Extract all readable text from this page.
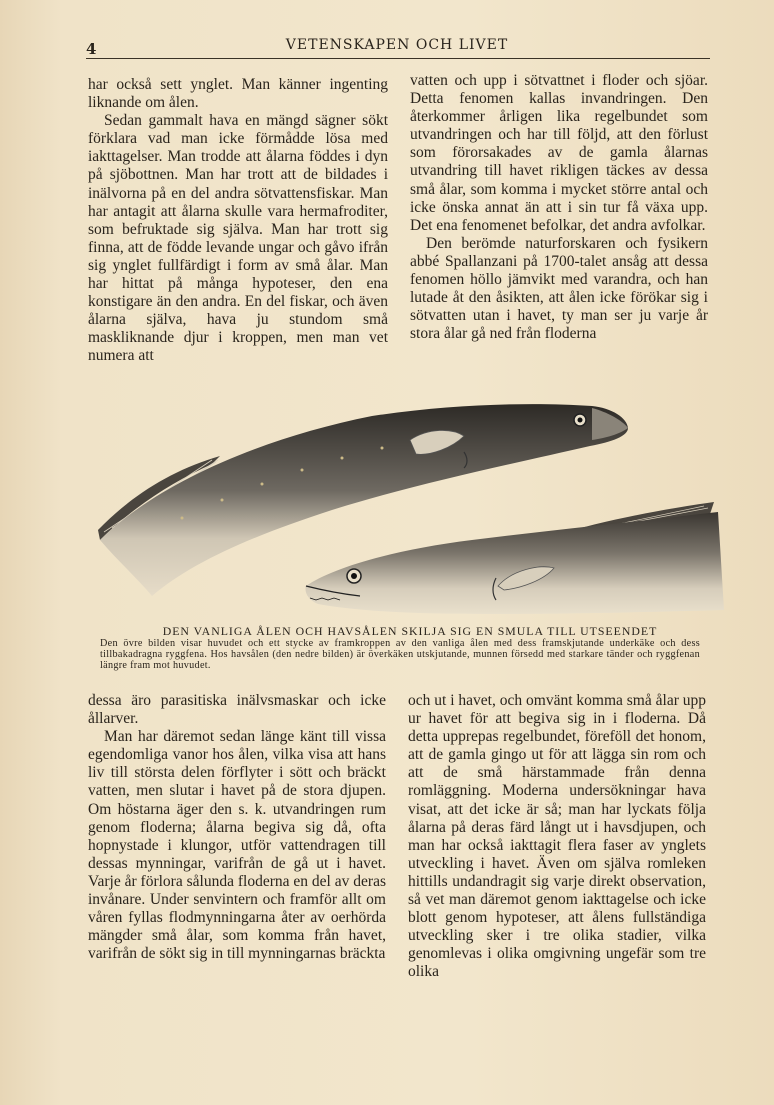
4	VETENSKAPEN OCH LIVET

har också sett ynglet. Man känner ingenting liknande om ålen.

Sedan gammalt hava en mängd sägner sökt förklara vad man icke förmådde lösa med iakttagelser. Man trodde att ålarna föddes i dyn på sjöbottnen. Man har trott att de bildades i inälvorna på en del andra sötvattensfiskar. Man har antagit att ålarna skulle vara hermafroditer, som befruktade sig själva. Man har trott sig finna, att de födde levande ungar och gåvo ifrån sig ynglet fullfärdigt i form av små ålar. Man har hittat på många hypoteser, den ena konstigare än den andra. En del fiskar, och även ålarna själva, hava ju stundom små maskliknande djur i kroppen, men man vet numera att

vatten och upp i sötvattnet i floder och sjöar. Detta fenomen kallas invandringen. Den återkommer årligen lika regelbundet som utvandringen och har till följd, att den förlust som förorsakades av de gamla ålarnas utvandring till havet rikligen täckes av dessa små ålar, som komma i mycket större antal och icke önska annat än att i sin tur få växa upp. Det ena fenomenet befolkar, det andra avfolkar.

Den berömde naturforskaren och fysikern abbé Spallanzani på 1700-talet ansåg att dessa fenomen höllo jämvikt med varandra, och han lutade åt den åsikten, att ålen icke förökar sig i sötvatten utan i havet, ty man ser ju varje år stora ålar gå ned från floderna

DEN VANLIGA ÅLEN OCH HAVSÅLEN SKILJA SIG EN SMULA TILL UTSEENDET
Den övre bilden visar huvudet och ett stycke av framkroppen av den vanliga ålen med dess framskjutande underkäke och dess tillbakadragna ryggfena. Hos havsålen (den nedre bilden) är överkäken utskjutande, munnen försedd med starkare tänder och ryggfenan längre fram mot huvudet.

dessa äro parasitiska inälvsmaskar och icke ållarver.

Man har däremot sedan länge känt till vissa egendomliga vanor hos ålen, vilka visa att hans liv till största delen förflyter i sött och bräckt vatten, men slutar i havet på de stora djupen. Om höstarna äger den s. k. utvandringen rum genom floderna; ålarna begiva sig då, ofta hopnystade i klungor, utför vattendragen till dessas mynningar, varifrån de gå ut i havet. Varje år förlora sålunda floderna en del av deras invånare. Under senvintern och framför allt om våren fyllas flodmynningarna åter av oerhörda mängder små ålar, som komma från havet, varifrån de sökt sig in till mynningarnas bräckta

och ut i havet, och omvänt komma små ålar upp ur havet för att begiva sig in i floderna. Då detta upprepas regelbundet, föreföll det honom, att de gamla gingo ut för att lägga sin rom och att de små härstammade från denna romläggning. Moderna undersökningar hava visat, att det icke är så; man har lyckats följa ålarna på deras färd långt ut i havsdjupen, och man har också iakttagit flera faser av ynglets utveckling i havet. Även om själva romleken hittills undandragit sig varje direkt observation, så vet man däremot genom iakttagelse och icke blott genom hypoteser, att ålens fullständiga utveckling sker i tre olika stadier, vilka genomlevas i olika omgivning ungefär som tre olika
